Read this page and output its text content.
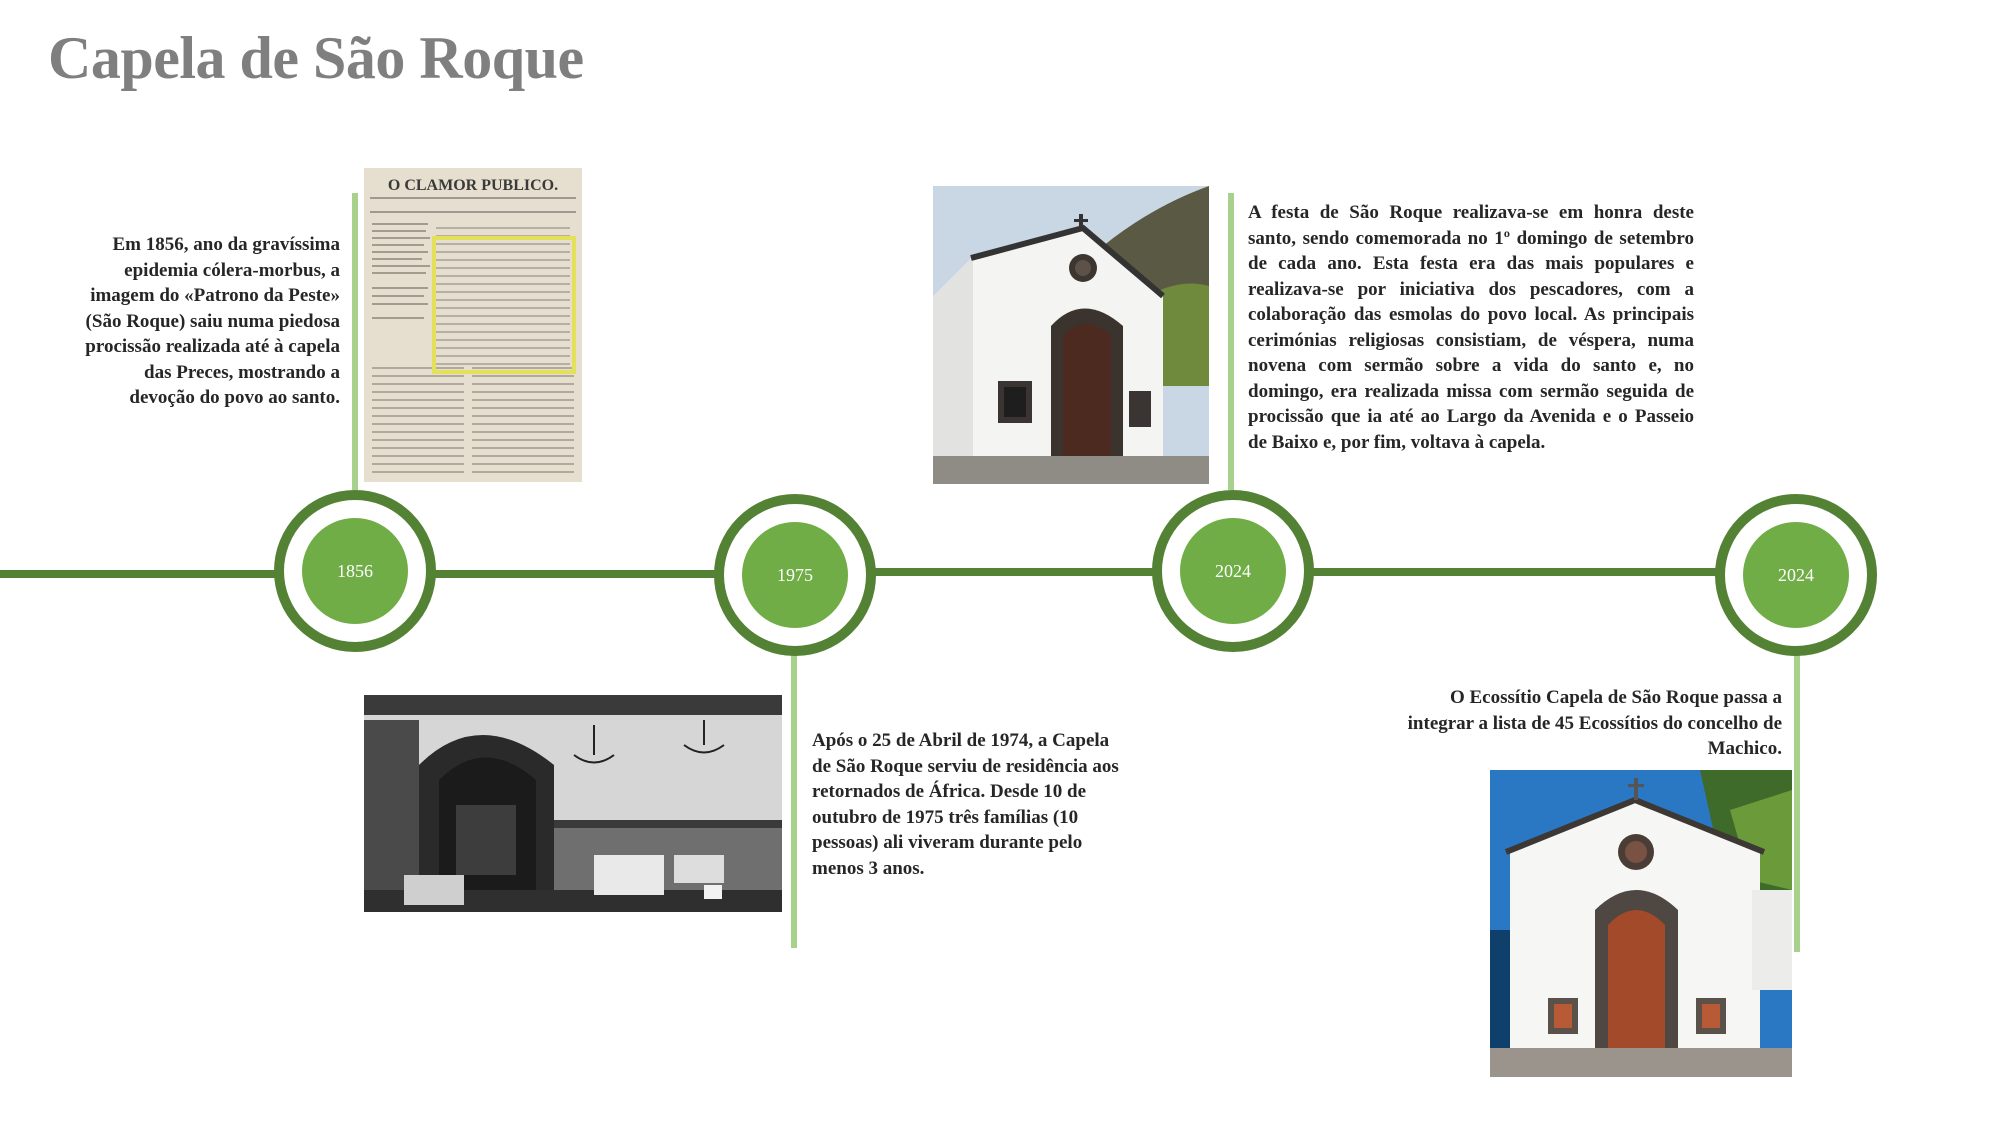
Capela de São Roque
1856	1975	2024	2024
Em 1856, ano da gravíssima epidemia cólera-morbus, a imagem do «Patrono da Peste» (São Roque) saiu numa piedosa procissão realizada até à capela das Preces, mostrando a devoção do povo ao santo.
Após o 25 de Abril de 1974, a Capela de São Roque serviu de residência aos retornados de África. Desde 10 de outubro de 1975 três famílias (10 pessoas) ali viveram durante pelo menos 3 anos.
A festa de São Roque realizava-se em honra deste santo, sendo comemorada no 1º domingo de setembro de cada ano. Esta festa era das mais populares e realizava-se por iniciativa dos pescadores, com a colaboração das esmolas do povo local. As principais cerimónias religiosas consistiam, de véspera, numa novena com sermão sobre a vida do santo e, no domingo, era realizada missa com sermão seguida de procissão que ia até ao Largo da Avenida e o Passeio de Baixo e, por fim, voltava à capela.
O Ecossítio Capela de São Roque passa a integrar a lista de 45 Ecossítios do concelho de Machico.
O CLAMOR PUBLICO.
